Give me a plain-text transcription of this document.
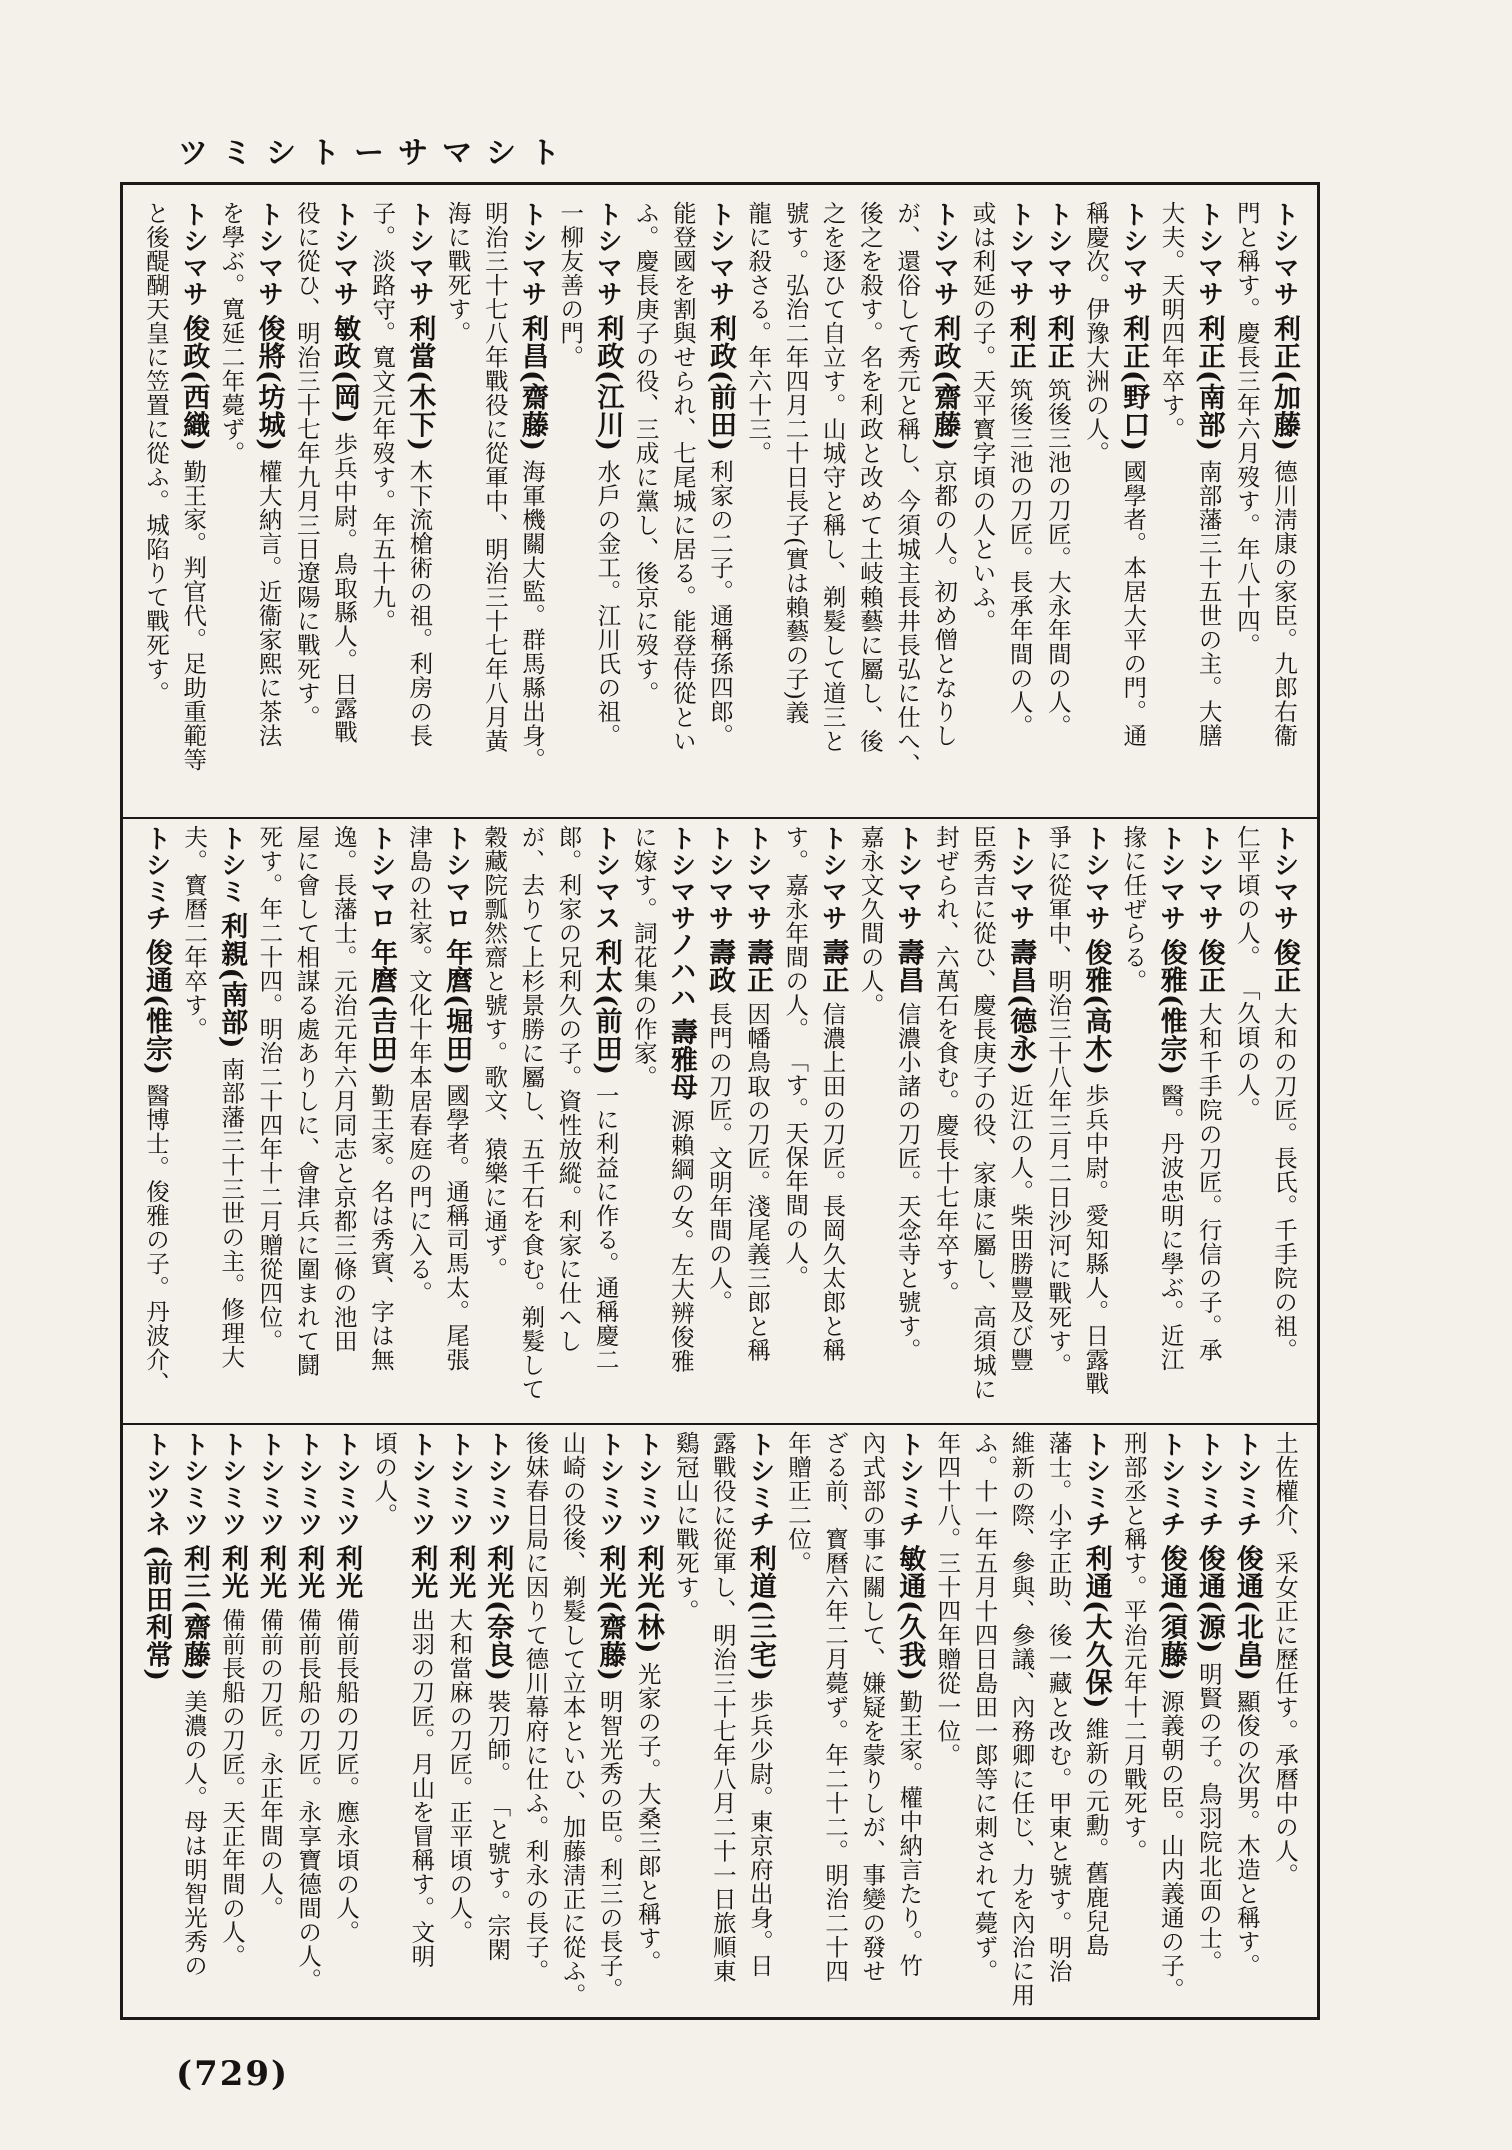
ツミシトーサマシト
トシマサ 利正(加藤) 德川淸康の家臣。九郎右衞
門と稱す。慶長三年六月歿す。年八十四。
トシマサ 利正(南部) 南部藩三十五世の主。大膳
大夫。天明四年卒す。
トシマサ 利正(野口) 國學者。本居大平の門。通
稱慶次。伊豫大洲の人。
トシマサ 利正 筑後三池の刀匠。大永年間の人。
トシマサ 利正 筑後三池の刀匠。長承年間の人。
或は利延の子。天平寳字頃の人といふ。
トシマサ 利政(齋藤) 京都の人。初め僧となりし
が、還俗して秀元と稱し、今須城主長井長弘に仕へ、
後之を殺す。名を利政と改めて土岐賴藝に屬し、後
之を逐ひて自立す。山城守と稱し、剃髮して道三と
號す。弘治二年四月二十日長子(實は賴藝の子)義
龍に殺さる。年六十三。
トシマサ 利政(前田) 利家の二子。通稱孫四郎。
能登國を割與せられ、七尾城に居る。能登侍從とい
ふ。慶長庚子の役、三成に黨し、後京に歿す。
トシマサ 利政(江川) 水戶の金工。江川氏の祖。
一柳友善の門。
トシマサ 利昌(齋藤) 海軍機關大監。群馬縣出身。
明治三十七八年戰役に從軍中、明治三十七年八月黃
海に戰死す。
トシマサ 利當(木下) 木下流槍術の祖。利房の長
子。淡路守。寬文元年歿す。年五十九。
トシマサ 敏政(岡) 歩兵中尉。鳥取縣人。日露戰
役に從ひ、明治三十七年九月三日遼陽に戰死す。
トシマサ 俊將(坊城) 權大納言。近衞家熙に茶法
を學ぶ。寬延二年薨ず。
トシマサ 俊政(西織) 勤王家。判官代。足助重範等
と後醍醐天皇に笠置に從ふ。城陷りて戰死す。
トシマサ 俊正 大和の刀匠。長氏。千手院の祖。
仁平頃の人。 「久頃の人。
トシマサ 俊正 大和千手院の刀匠。行信の子。承
トシマサ 俊雅(惟宗) 醫。丹波忠明に學ぶ。近江
掾に任ぜらる。
トシマサ 俊雅(高木) 歩兵中尉。愛知縣人。日露戰
爭に從軍中、明治三十八年三月二日沙河に戰死す。
トシマサ 壽昌(德永) 近江の人。柴田勝豐及び豐
臣秀吉に從ひ、慶長庚子の役、家康に屬し、高須城に
封ぜられ、六萬石を食む。慶長十七年卒す。
トシマサ 壽昌 信濃小諸の刀匠。天念寺と號す。
嘉永文久間の人。
トシマサ 壽正 信濃上田の刀匠。長岡久太郎と稱
す。嘉永年間の人。 「す。天保年間の人。
トシマサ 壽正 因幡鳥取の刀匠。淺尾義三郎と稱
トシマサ 壽政 長門の刀匠。文明年間の人。
トシマサノハハ 壽雅母 源賴綱の女。左大辨俊雅
に嫁す。詞花集の作家。
トシマス 利太(前田) 一に利益に作る。通稱慶二
郞。利家の兄利久の子。資性放縱。利家に仕へし
が、去りて上杉景勝に屬し、五千石を食む。剃髮して
穀藏院瓢然齋と號す。歌文、猿樂に通ず。
トシマロ 年麿(堀田) 國學者。通稱司馬太。尾張
津島の社家。文化十年本居春庭の門に入る。
トシマロ 年麿(吉田) 勤王家。名は秀賓、字は無
逸。長藩士。元治元年六月同志と京都三條の池田
屋に會して相謀る處ありしに、會津兵に圍まれて鬪
死す。年二十四。明治二十四年十二月贈從四位。
トシミ 利親(南部) 南部藩三十三世の主。修理大
夫。寳曆二年卒す。
トシミチ 俊通(惟宗) 醫博士。俊雅の子。丹波介、
土佐權介、采女正に歷任す。承曆中の人。
トシミチ 俊通(北畠) 顯俊の次男。木造と稱す。
トシミチ 俊通(源) 明賢の子。鳥羽院北面の士。
トシミチ 俊通(須藤) 源義朝の臣。山内義通の子。
刑部丞と稱す。平治元年十二月戰死す。
トシミチ 利通(大久保) 維新の元勳。舊鹿兒島
藩士。小字正助、後一藏と改む。甲東と號す。明治
維新の際、參與、參議、內務卿に任じ、力を內治に用
ふ。十一年五月十四日島田一郞等に刺されて薨ず。
年四十八。三十四年贈從一位。
トシミチ 敏通(久我) 勤王家。權中納言たり。竹
內式部の事に關して、嫌疑を蒙りしが、事變の發せ
ざる前、寳曆六年二月薨ず。年二十二。明治二十四
年贈正二位。
トシミチ 利道(三宅) 歩兵少尉。東京府出身。日
露戰役に從軍し、明治三十七年八月二十一日旅順東
鷄冠山に戰死す。
トシミツ 利光(林) 光家の子。大桑三郞と稱す。
トシミツ 利光(齋藤) 明智光秀の臣。利三の長子。
山崎の役後、剃髮して立本といひ、加藤淸正に從ふ。
後妹春日局に因りて德川幕府に仕ふ。利永の長子。
トシミツ 利光(奈良) 裝刀師。 「と號す。宗閑
トシミツ 利光 大和當麻の刀匠。正平頃の人。
トシミツ 利光 出羽の刀匠。月山を冒稱す。文明
頃の人。
トシミツ 利光 備前長船の刀匠。應永頃の人。
トシミツ 利光 備前長船の刀匠。永享寶德間の人。
トシミツ 利光 備前の刀匠。永正年間の人。
トシミツ 利光 備前長船の刀匠。天正年間の人。
トシミツ 利三(齋藤) 美濃の人。母は明智光秀の
トシツネ (前田利常)
(729)
